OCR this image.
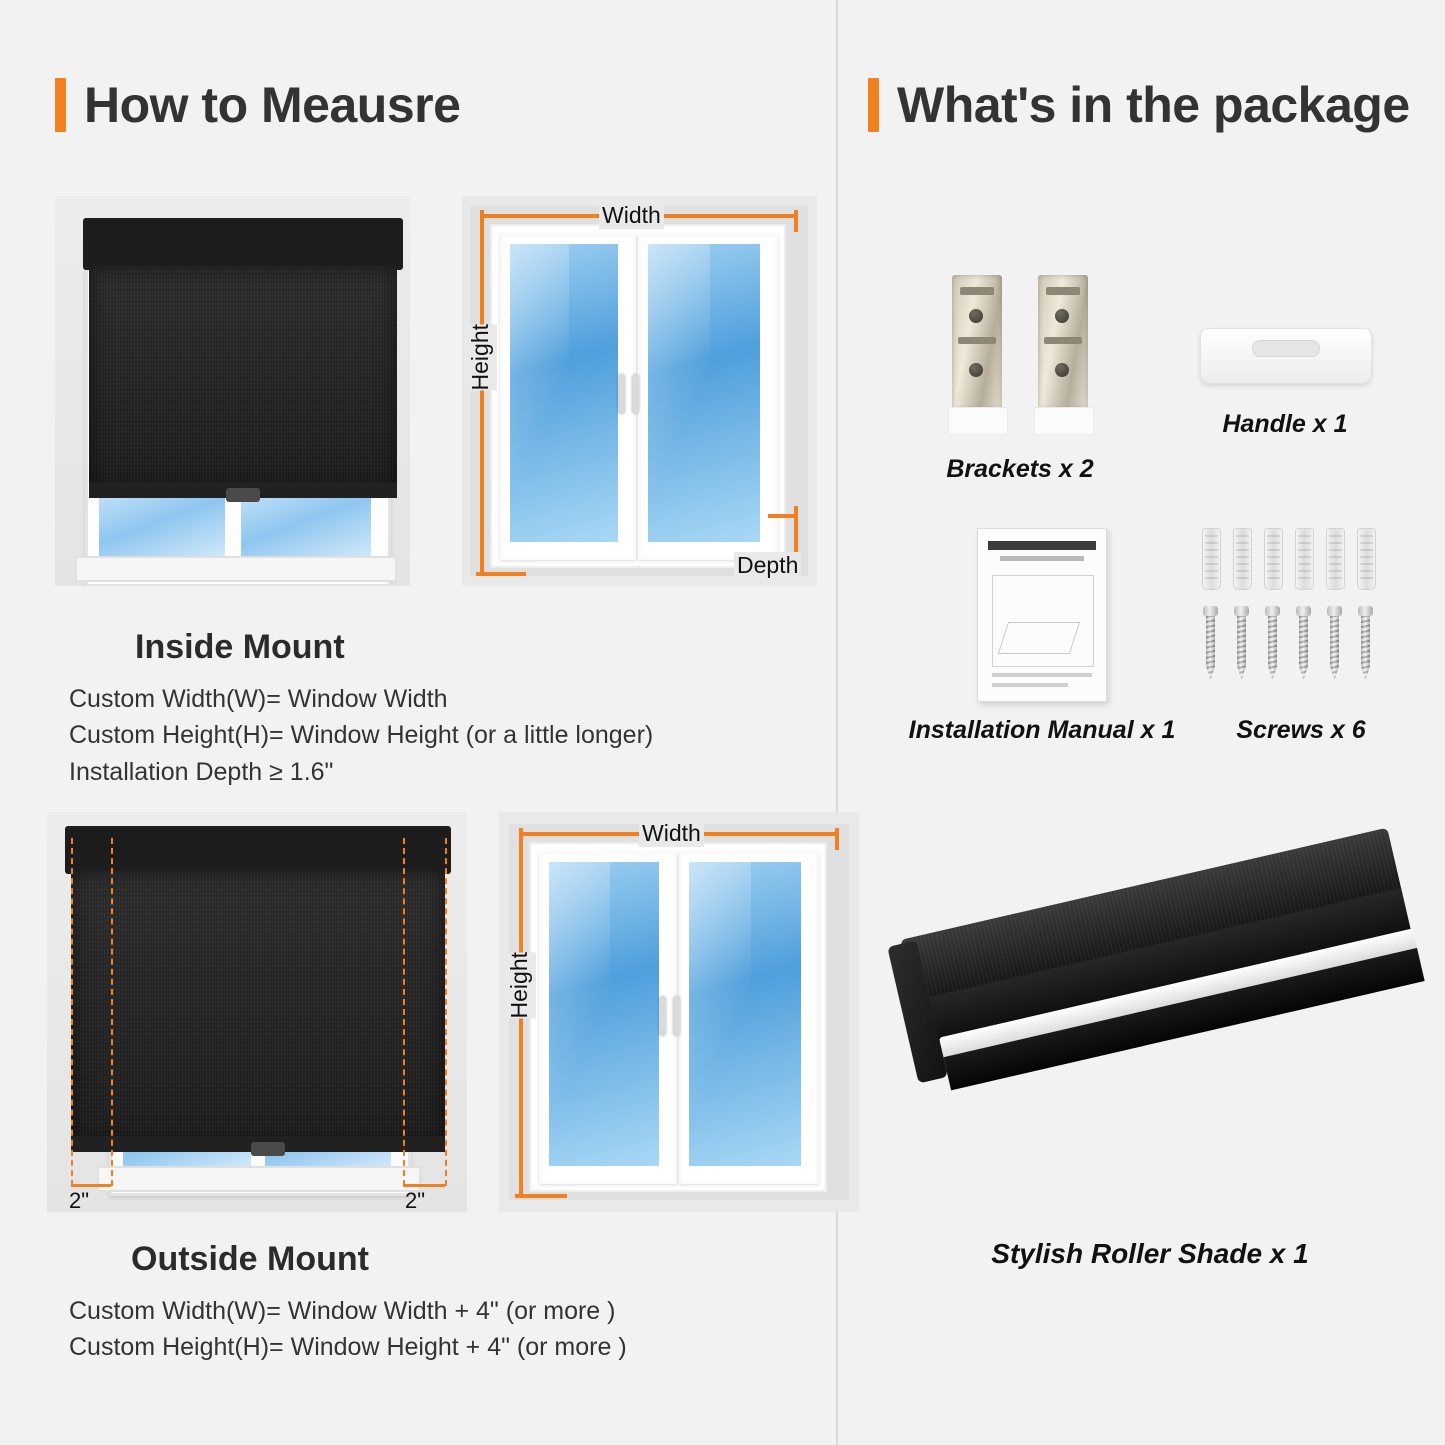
How to Meausre	What's in the package
Width
Height
Depth
Inside Mount
Custom Width(W)= Window Width
Custom Height(H)= Window Height (or a little longer)
Installation Depth ≥ 1.6"
2"	2"
Width
Height
Outside Mount
Custom Width(W)= Window Width + 4" (or more )
Custom Height(H)= Window Height + 4" (or more )
Brackets x 2
Handle x 1
Installation Manual x 1	Screws x 6
Stylish Roller Shade x 1
